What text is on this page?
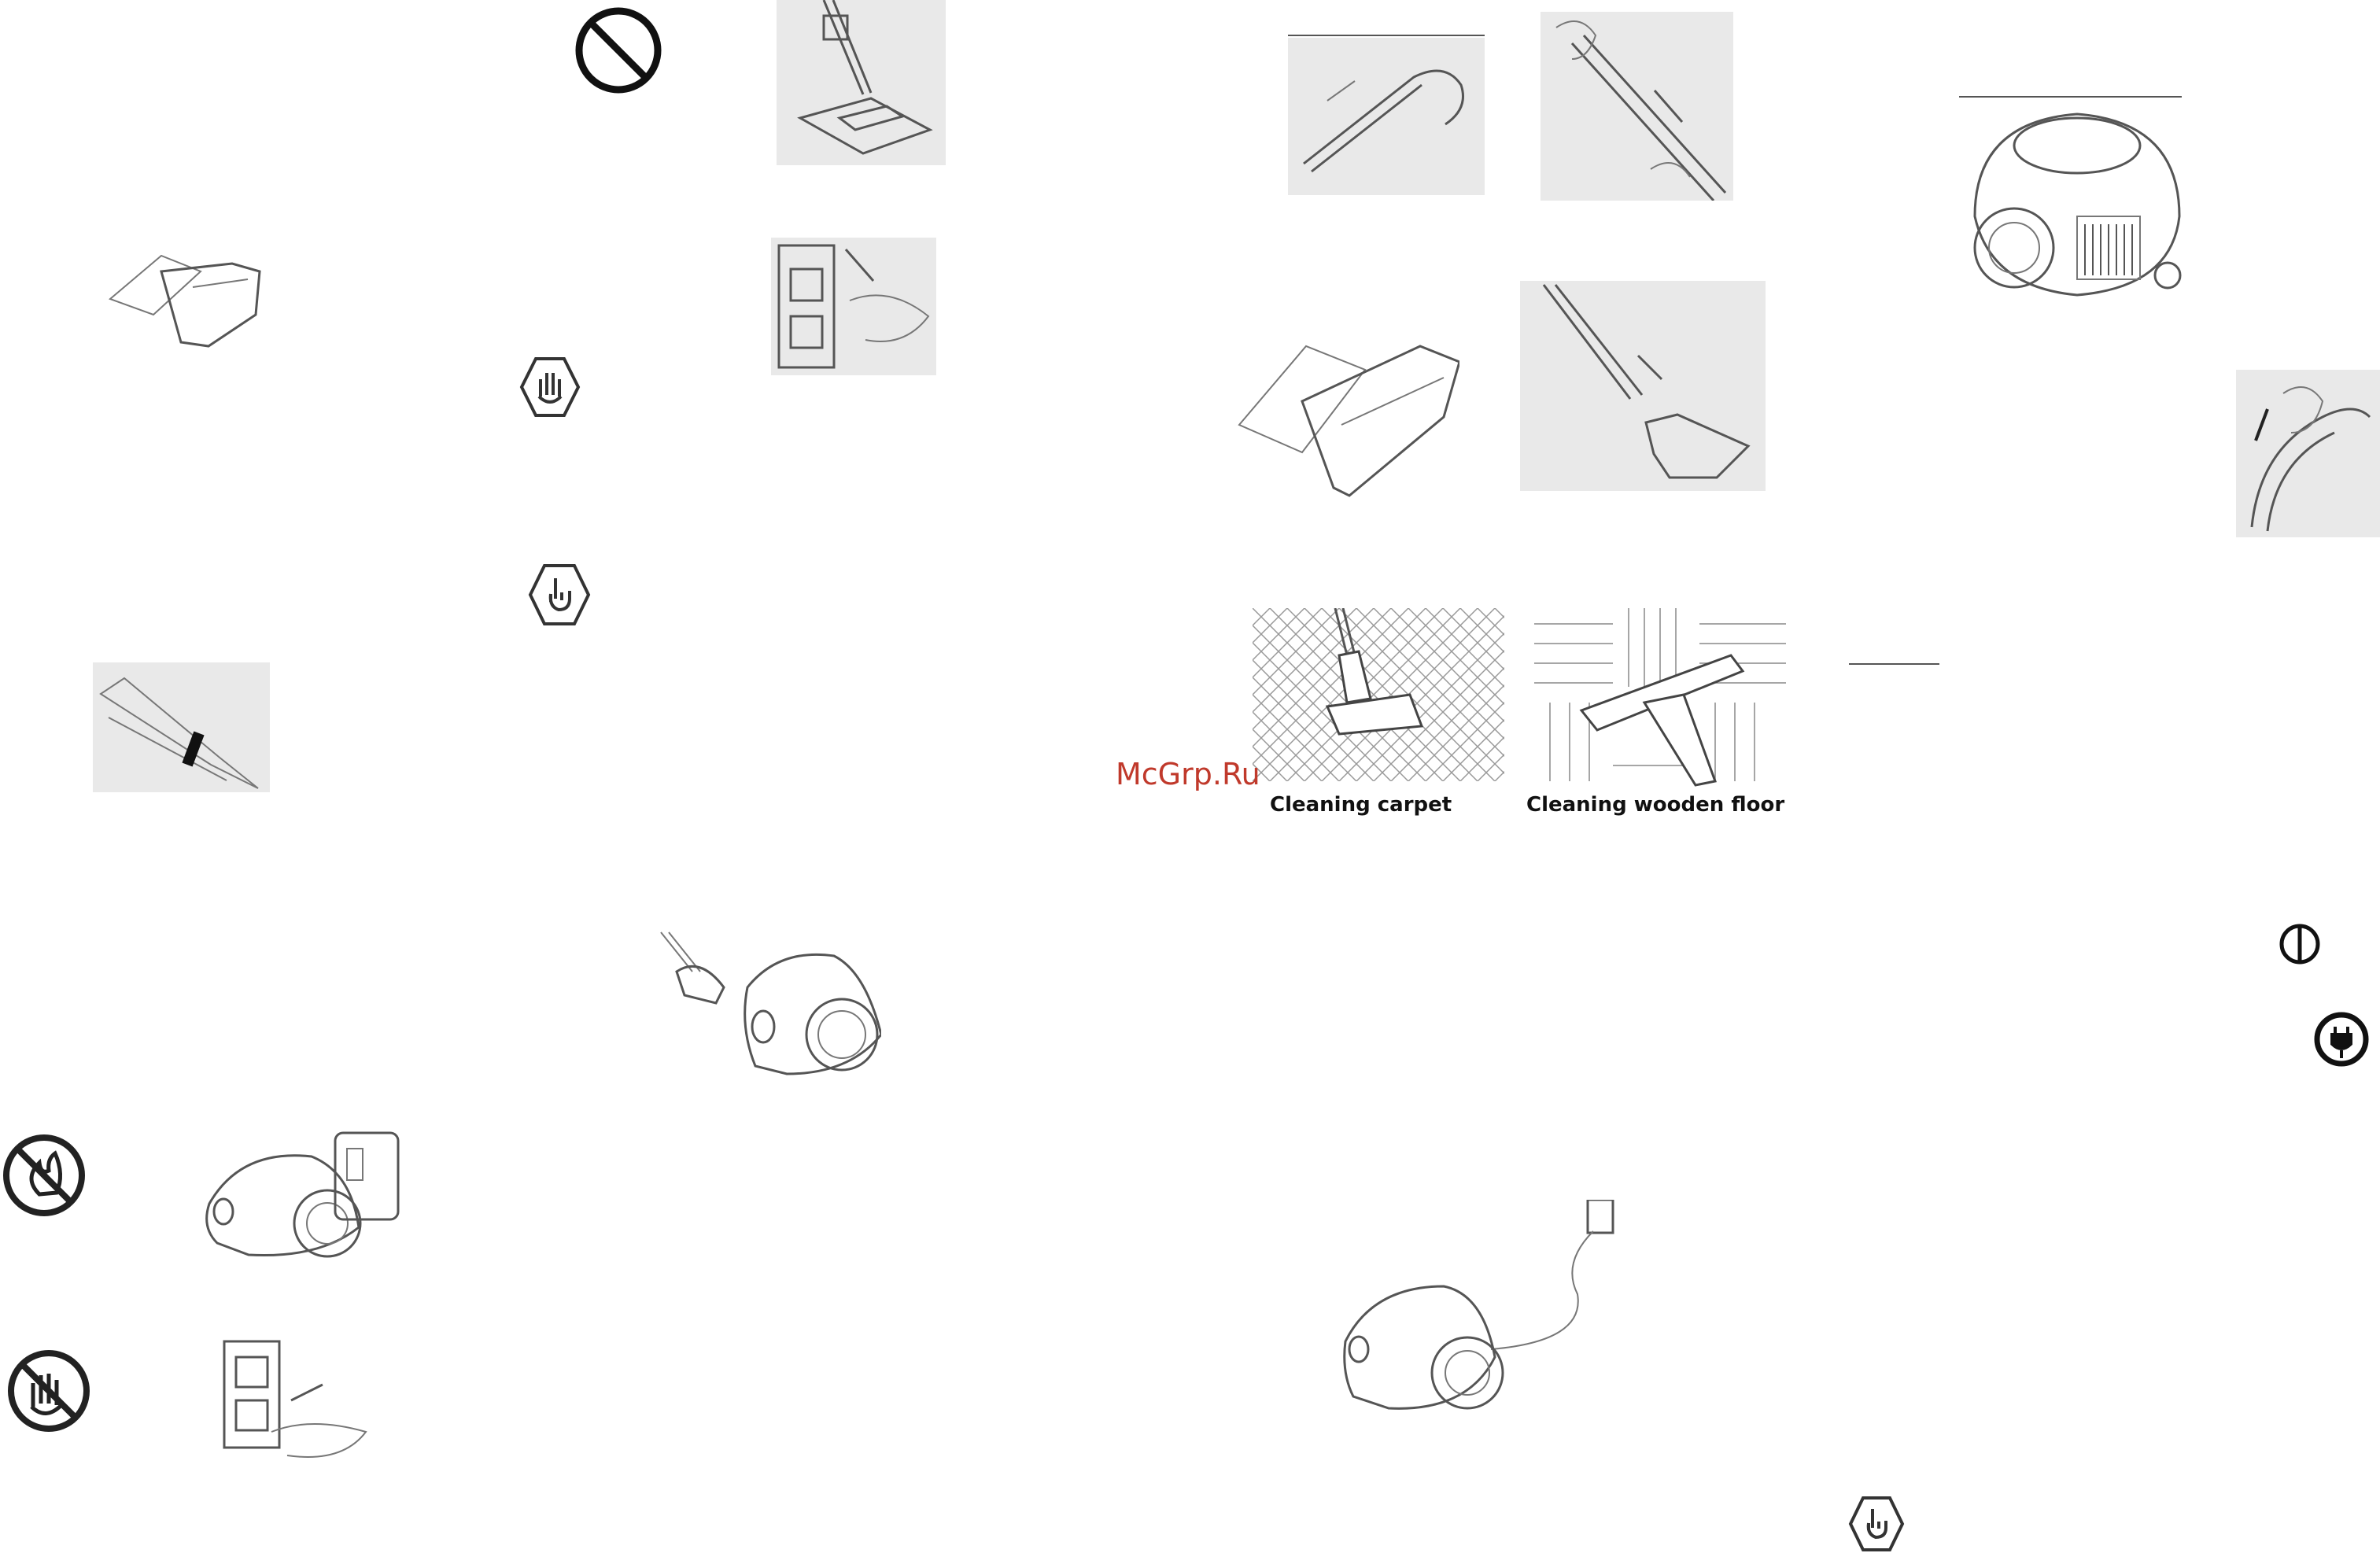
Cleaning carpet	Cleaning wooden floor
McGrp.Ru
